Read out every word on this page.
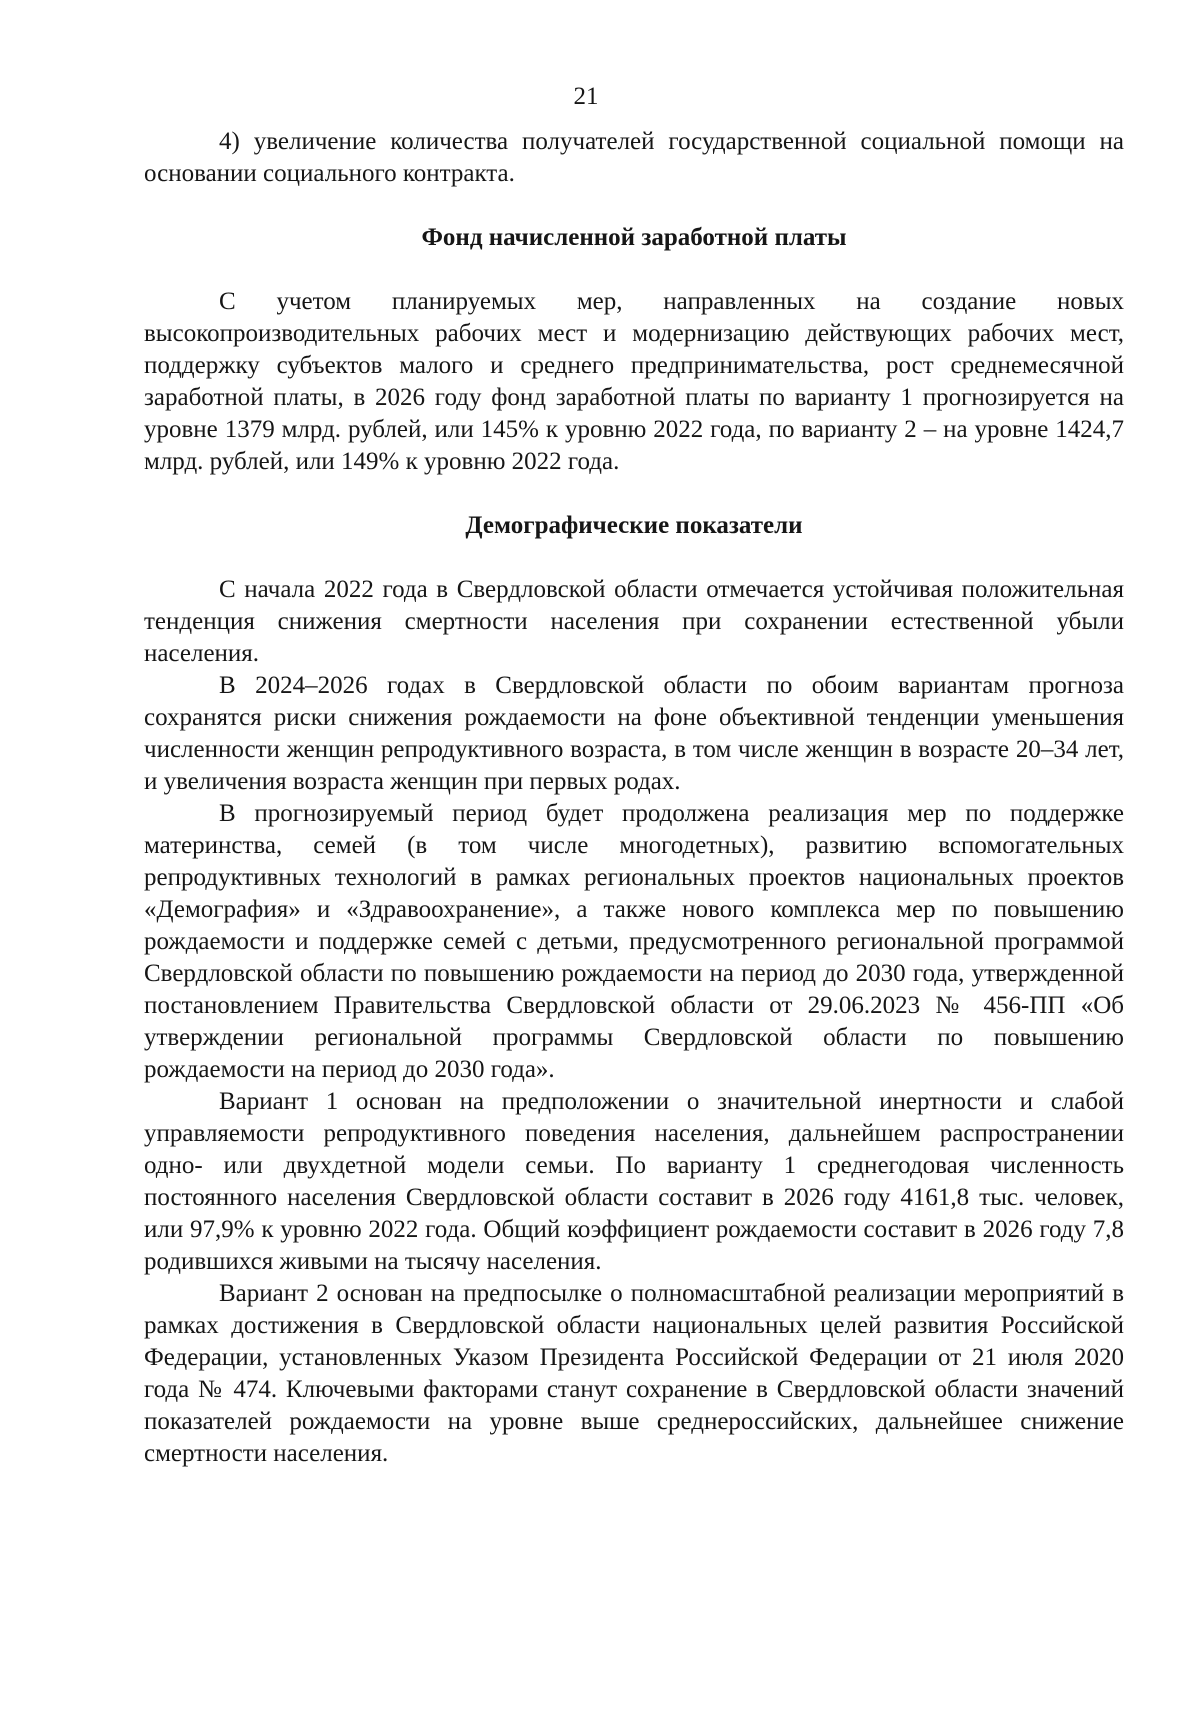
21

4) увеличение количества получателей государственной социальной помощи на основании социального контракта.

Фонд начисленной заработной платы

С учетом планируемых мер, направленных на создание новых высокопроизводительных рабочих мест и модернизацию действующих рабочих мест, поддержку субъектов малого и среднего предпринимательства, рост среднемесячной заработной платы, в 2026 году фонд заработной платы по варианту 1 прогнозируется на уровне 1379 млрд. рублей, или 145% к уровню 2022 года, по варианту 2 – на уровне 1424,7 млрд. рублей, или 149% к уровню 2022 года.

Демографические показатели

С начала 2022 года в Свердловской области отмечается устойчивая положительная тенденция снижения смертности населения при сохранении естественной убыли населения.

В 2024–2026 годах в Свердловской области по обоим вариантам прогноза сохранятся риски снижения рождаемости на фоне объективной тенденции уменьшения численности женщин репродуктивного возраста, в том числе женщин в возрасте 20–34 лет, и увеличения возраста женщин при первых родах.

В прогнозируемый период будет продолжена реализация мер по поддержке материнства, семей (в том числе многодетных), развитию вспомогательных репродуктивных технологий в рамках региональных проектов национальных проектов «Демография» и «Здравоохранение», а также нового комплекса мер по повышению рождаемости и поддержке семей с детьми, предусмотренного региональной программой Свердловской области по повышению рождаемости на период до 2030 года, утвержденной постановлением Правительства Свердловской области от 29.06.2023 № 456-ПП «Об утверждении региональной программы Свердловской области по повышению рождаемости на период до 2030 года».

Вариант 1 основан на предположении о значительной инертности и слабой управляемости репродуктивного поведения населения, дальнейшем распространении одно- или двухдетной модели семьи. По варианту 1 среднегодовая численность постоянного населения Свердловской области составит в 2026 году 4161,8 тыс. человек, или 97,9% к уровню 2022 года. Общий коэффициент рождаемости составит в 2026 году 7,8 родившихся живыми на тысячу населения.

Вариант 2 основан на предпосылке о полномасштабной реализации мероприятий в рамках достижения в Свердловской области национальных целей развития Российской Федерации, установленных Указом Президента Российской Федерации от 21 июля 2020 года № 474. Ключевыми факторами станут сохранение в Свердловской области значений показателей рождаемости на уровне выше среднероссийских, дальнейшее снижение смертности населения.
